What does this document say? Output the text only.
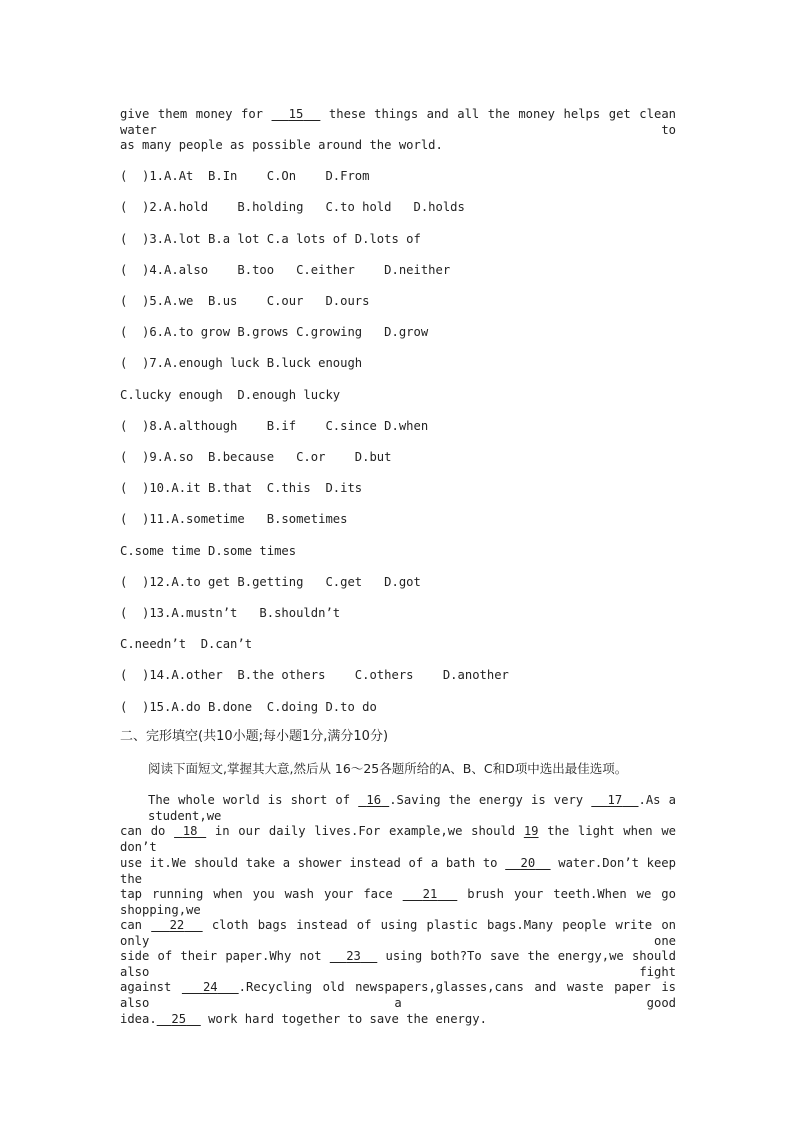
give them money for   15   these things and all the money helps get clean water to
as many people as possible around the world.
(  )1.A.At  B.In    C.On    D.From
(  )2.A.hold    B.holding   C.to hold   D.holds
(  )3.A.lot B.a lot C.a lots of D.lots of
(  )4.A.also    B.too   C.either    D.neither
(  )5.A.we  B.us    C.our   D.ours
(  )6.A.to grow B.grows C.growing   D.grow
(  )7.A.enough luck B.luck enough
C.lucky enough  D.enough lucky
(  )8.A.although    B.if    C.since D.when
(  )9.A.so  B.because   C.or    D.but
(  )10.A.it B.that  C.this  D.its
(  )11.A.sometime   B.sometimes
C.some time D.some times
(  )12.A.to get B.getting   C.get   D.got
(  )13.A.mustn’t   B.shouldn’t
C.needn’t  D.can’t
(  )14.A.other  B.the others    C.others    D.another
(  )15.A.do B.done  C.doing D.to do
二、完形填空(共10小题;每小题1分,满分10分)
阅读下面短文,掌握其大意,然后从 16～25各题所给的A、B、C和D项中选出最佳选项。
The whole world is short of  16 .Saving the energy is very   17 .As a student,we
can do  18  in our daily lives.For example,we should 19 the light when we don’t
use it.We should take a shower instead of a bath to   20   water.Don’t keep the
tap running when you wash your face   21   brush your teeth.When we go shopping,we
can   22   cloth bags instead of using plastic bags.Many people write on only one
side of their paper.Why not   23   using both?To save the energy,we should also fight
against   24 .Recycling old newspapers,glasses,cans and waste paper is also a good
idea. 25   work hard together to save the energy.
